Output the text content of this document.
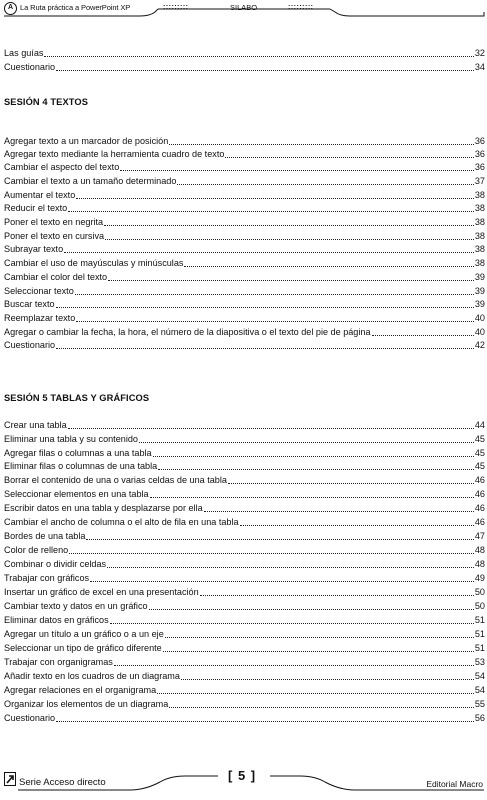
A La Ruta práctica a PowerPoint XP	:::::::::	SILABO	:::::::::
Las guías	32
Cuestionario	34
SESIÓN 4 TEXTOS
Agregar texto a un marcador de posición	36
Agregar texto mediante la herramienta cuadro de texto	36
Cambiar el aspecto del texto	36
Cambiar el texto a un tamaño determinado	37
Aumentar el texto	38
Reducir el texto	38
Poner el texto en negrita	38
Poner el texto en cursiva	38
Subrayar texto	38
Cambiar el uso de mayúsculas y minúsculas	38
Cambiar el color del texto	39
Seleccionar texto	39
Buscar texto	39
Reemplazar texto	40
Agregar o cambiar la fecha, la hora, el número de la diapositiva o el texto del pie de página	40
Cuestionario	42
SESIÓN 5 TABLAS Y GRÁFICOS
Crear una tabla	44
Eliminar una tabla y su contenido	45
Agregar filas o columnas a una tabla	45
Eliminar filas o columnas de una tabla	45
Borrar el contenido de una o varias celdas de una tabla	46
Seleccionar elementos en una tabla	46
Escribir datos en una tabla y desplazarse por ella	46
Cambiar el ancho de columna o el alto de fila en una tabla	46
Bordes de una tabla	47
Color de relleno	48
Combinar o dividir celdas	48
Trabajar con gráficos	49
Insertar un gráfico de excel en una presentación	50
Cambiar texto y datos en un gráfico	50
Eliminar datos en gráficos	51
Agregar un título a un gráfico o a un eje	51
Seleccionar un tipo de gráfico diferente	51
Trabajar con organigramas	53
Añadir texto en los cuadros de un diagrama	54
Agregar relaciones en el organigrama	54
Organizar los elementos de un diagrama	55
Cuestionario	56
Serie Acceso directo	[ 5 ]
Editorial Macro
